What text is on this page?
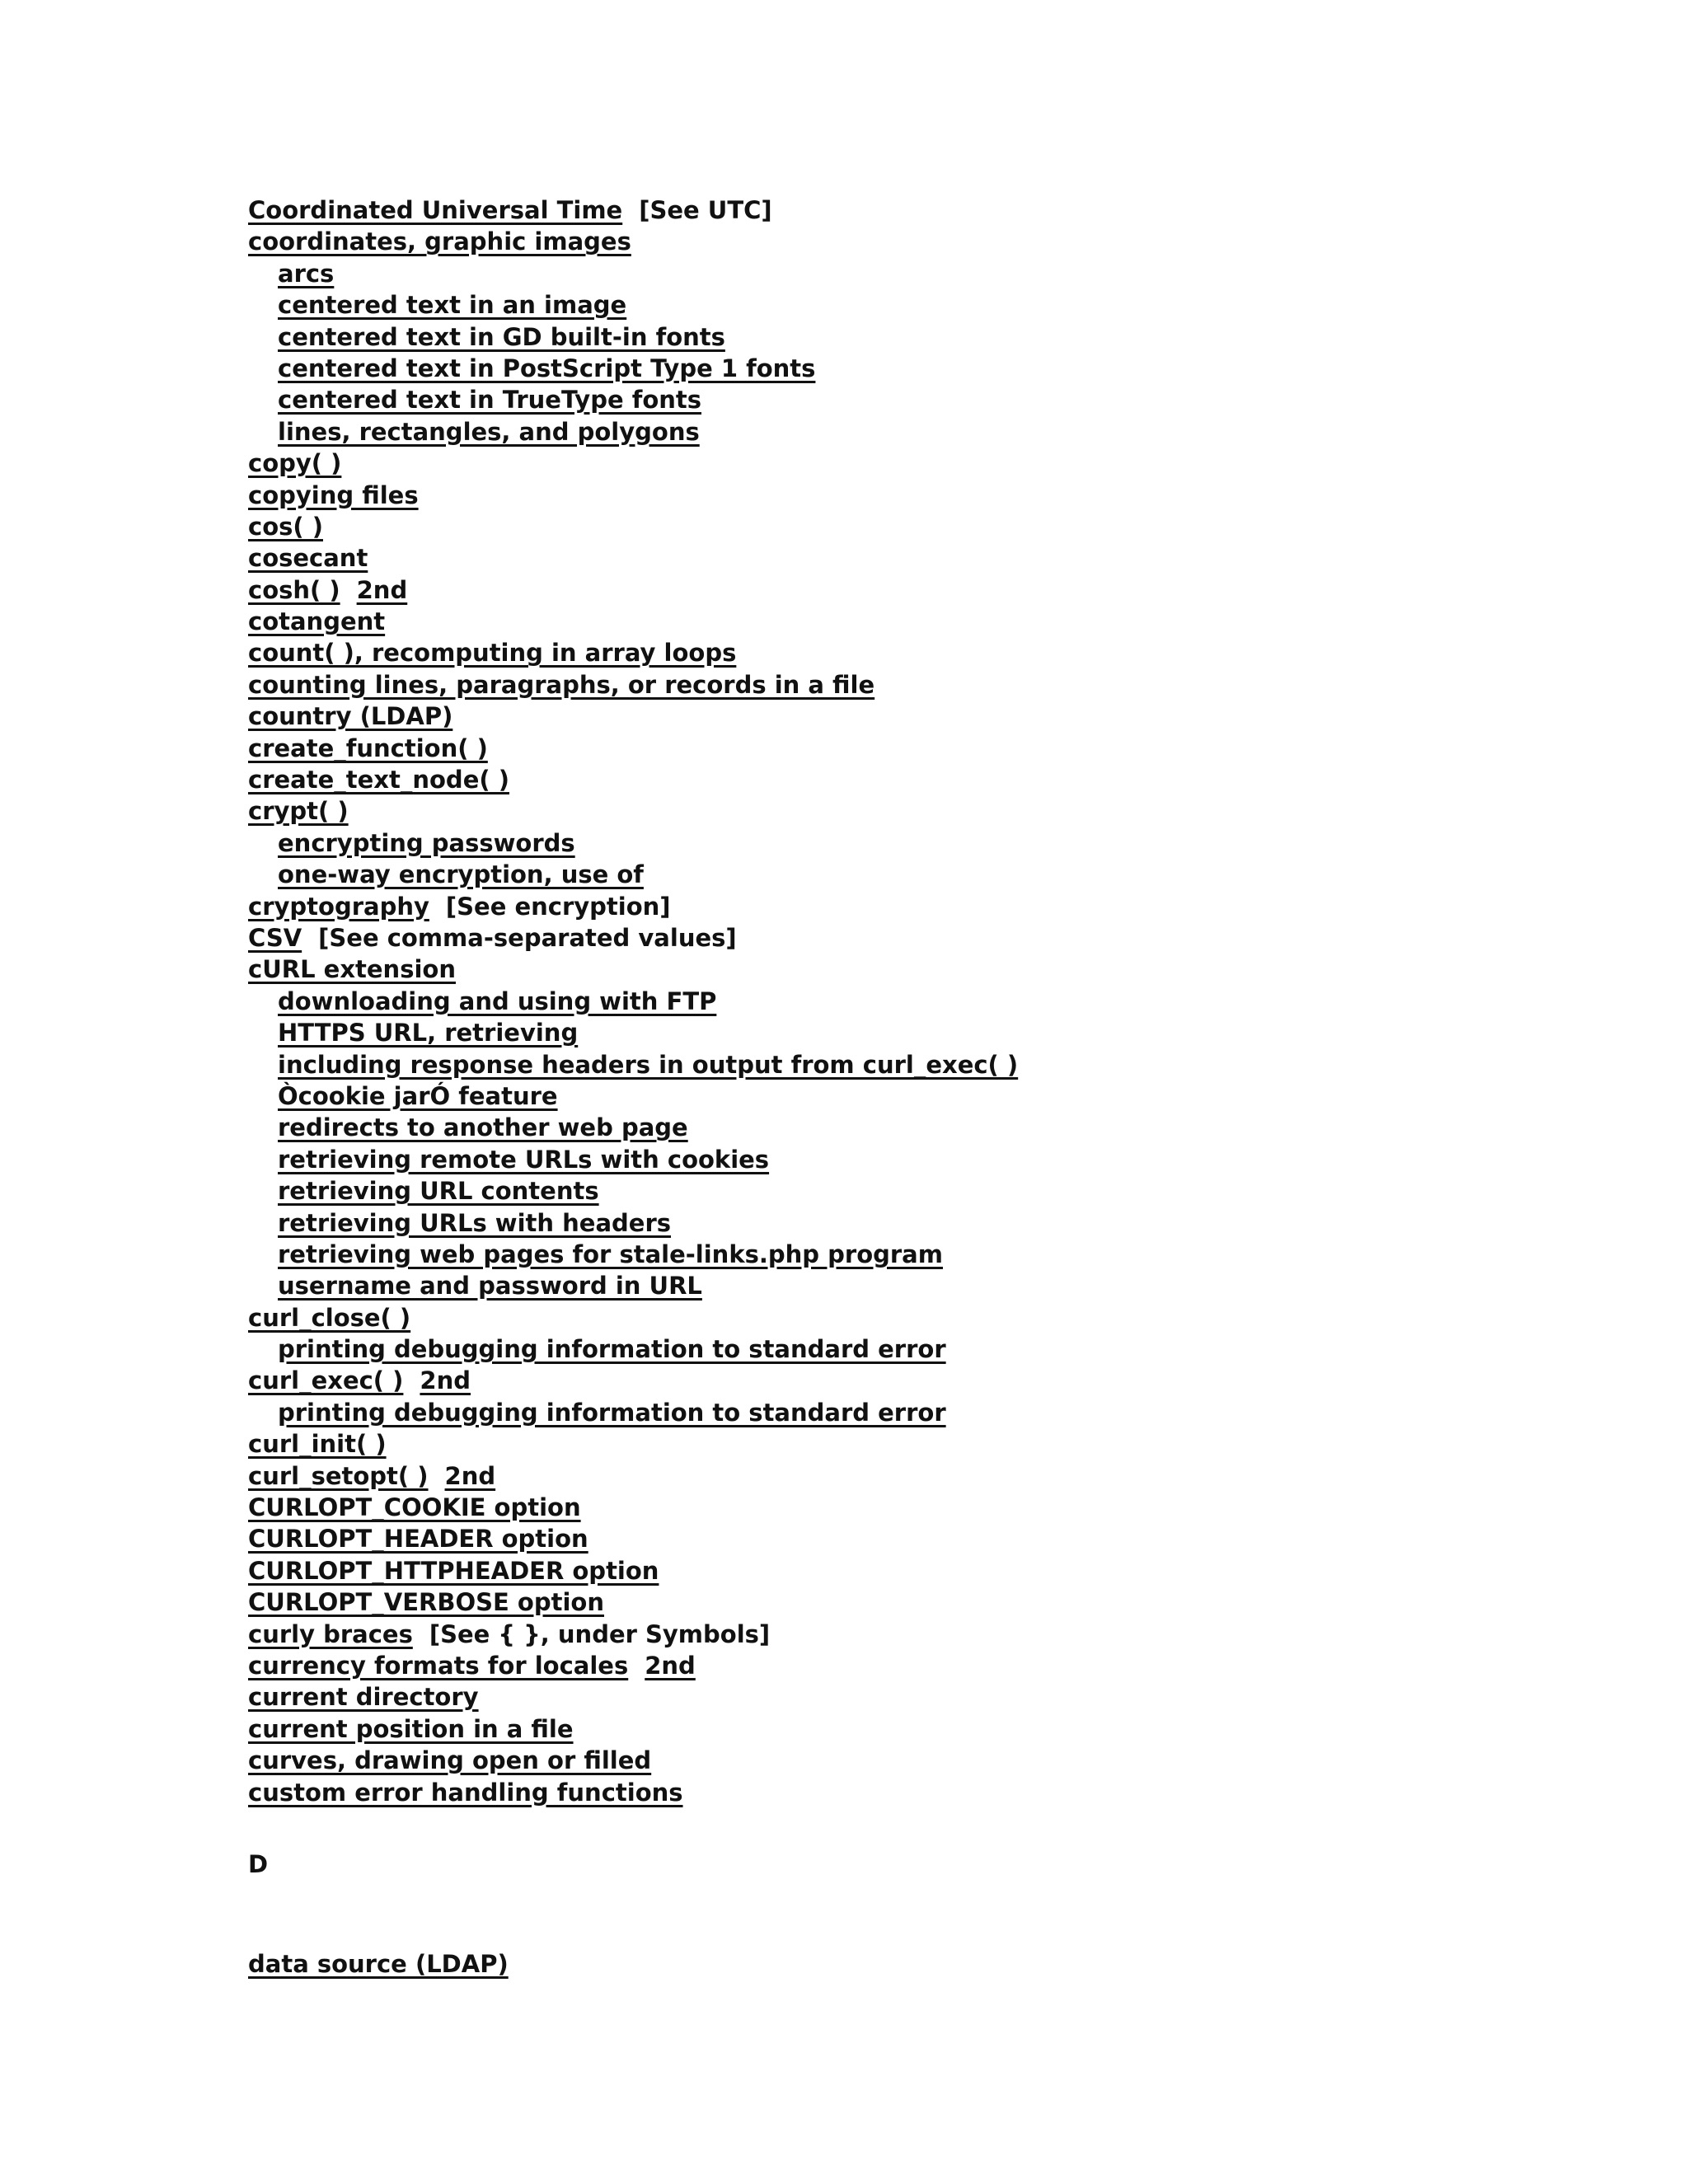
Coordinated Universal Time [See UTC]
coordinates, graphic images
arcs
centered text in an image
centered text in GD built-in fonts
centered text in PostScript Type 1 fonts
centered text in TrueType fonts
lines, rectangles, and polygons
copy( )
copying files
cos( )
cosecant
cosh( ) 2nd
cotangent
count( ), recomputing in array loops
counting lines, paragraphs, or records in a file
country (LDAP)
create_function( )
create_text_node( )
crypt( )
encrypting passwords
one-way encryption, use of
cryptography [See encryption]
CSV [See comma-separated values]
cURL extension
downloading and using with FTP
HTTPS URL, retrieving
including response headers in output from curl_exec( )
Òcookie jarÓ feature
redirects to another web page
retrieving remote URLs with cookies
retrieving URL contents
retrieving URLs with headers
retrieving web pages for stale-links.php program
username and password in URL
curl_close( )
printing debugging information to standard error
curl_exec( ) 2nd
printing debugging information to standard error
curl_init( )
curl_setopt( ) 2nd
CURLOPT_COOKIE option
CURLOPT_HEADER option
CURLOPT_HTTPHEADER option
CURLOPT_VERBOSE option
curly braces [See { }, under Symbols]
currency formats for locales 2nd
current directory
current position in a file
curves, drawing open or filled
custom error handling functions
D
data source (LDAP)
